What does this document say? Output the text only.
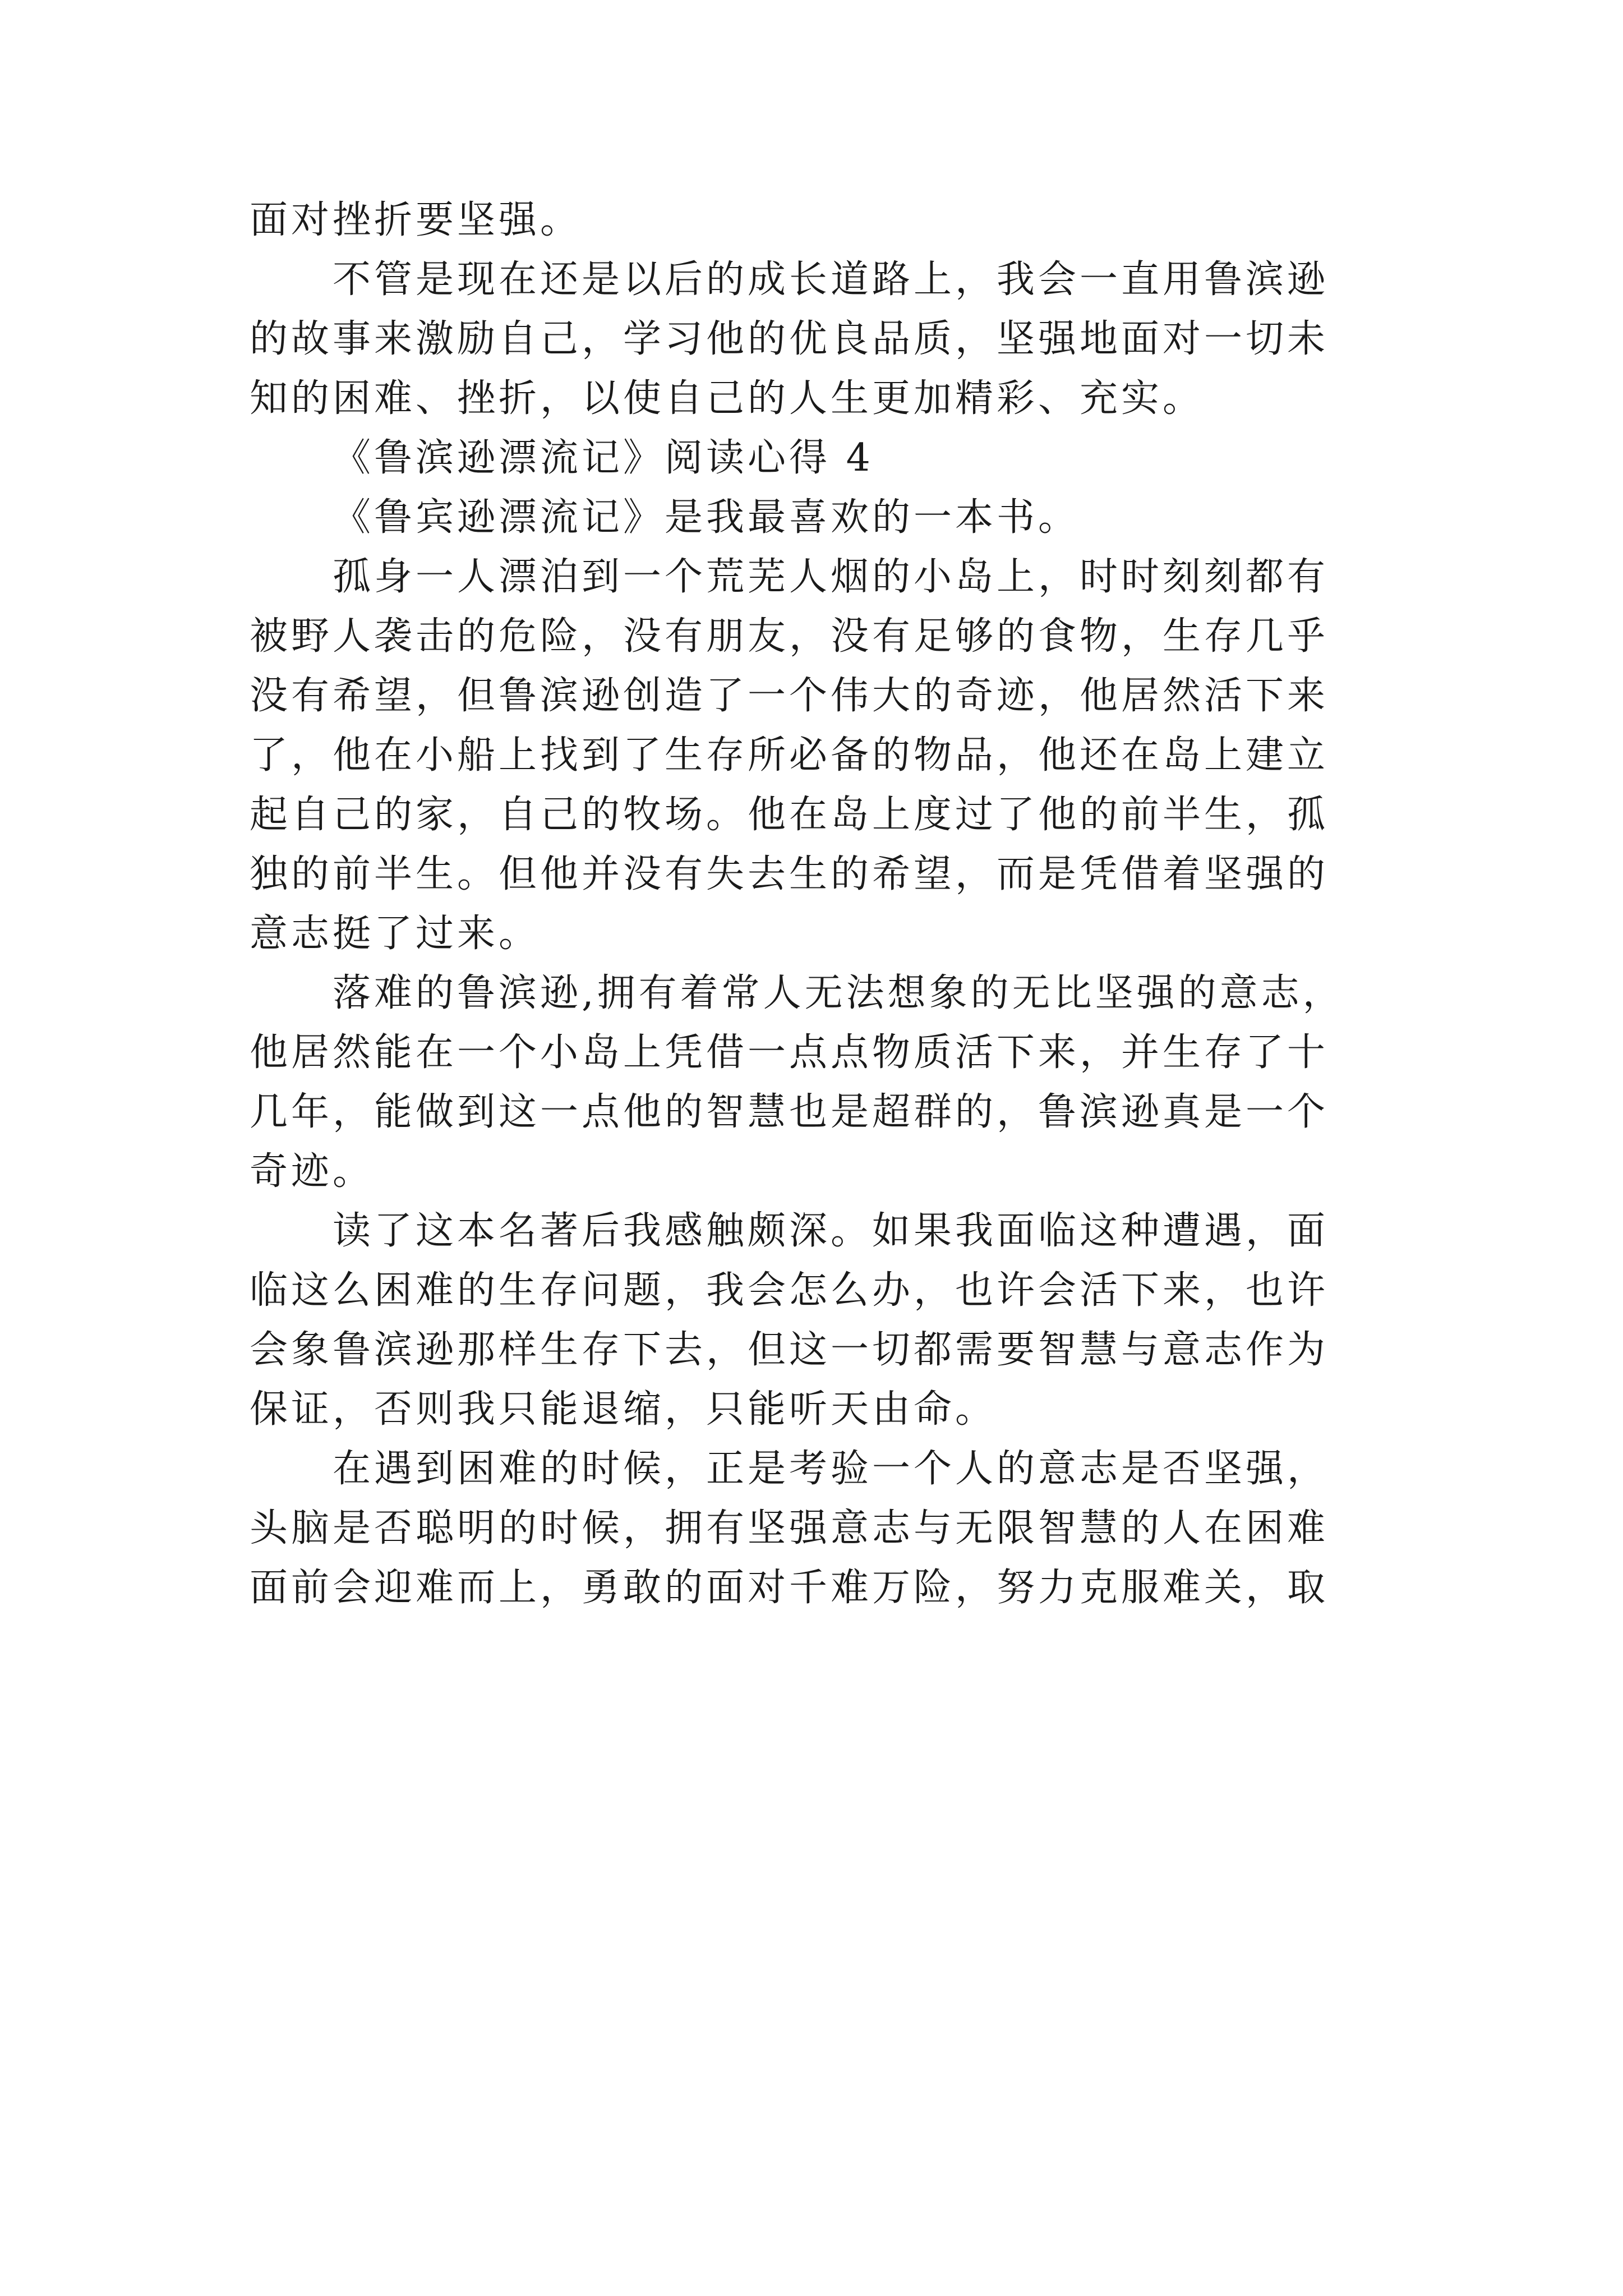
面对挫折要坚强。
不管是现在还是以后的成长道路上，我会一直用鲁滨逊
的故事来激励自己，学习他的优良品质，坚强地面对一切未
知的困难、挫折，以使自己的人生更加精彩、充实。
《鲁滨逊漂流记》阅读心得 4
《鲁宾逊漂流记》是我最喜欢的一本书。
孤身一人漂泊到一个荒芜人烟的小岛上，时时刻刻都有
被野人袭击的危险，没有朋友，没有足够的食物，生存几乎
没有希望，但鲁滨逊创造了一个伟大的奇迹，他居然活下来
了，他在小船上找到了生存所必备的物品，他还在岛上建立
起自己的家，自己的牧场。他在岛上度过了他的前半生，孤
独的前半生。但他并没有失去生的希望，而是凭借着坚强的
意志挺了过来。
落难的鲁滨逊,拥有着常人无法想象的无比坚强的意志，
他居然能在一个小岛上凭借一点点物质活下来，并生存了十
几年，能做到这一点他的智慧也是超群的，鲁滨逊真是一个
奇迹。
读了这本名著后我感触颇深。如果我面临这种遭遇，面
临这么困难的生存问题，我会怎么办，也许会活下来，也许
会象鲁滨逊那样生存下去，但这一切都需要智慧与意志作为
保证，否则我只能退缩，只能听天由命。
在遇到困难的时候，正是考验一个人的意志是否坚强，
头脑是否聪明的时候，拥有坚强意志与无限智慧的人在困难
面前会迎难而上，勇敢的面对千难万险，努力克服难关，取
